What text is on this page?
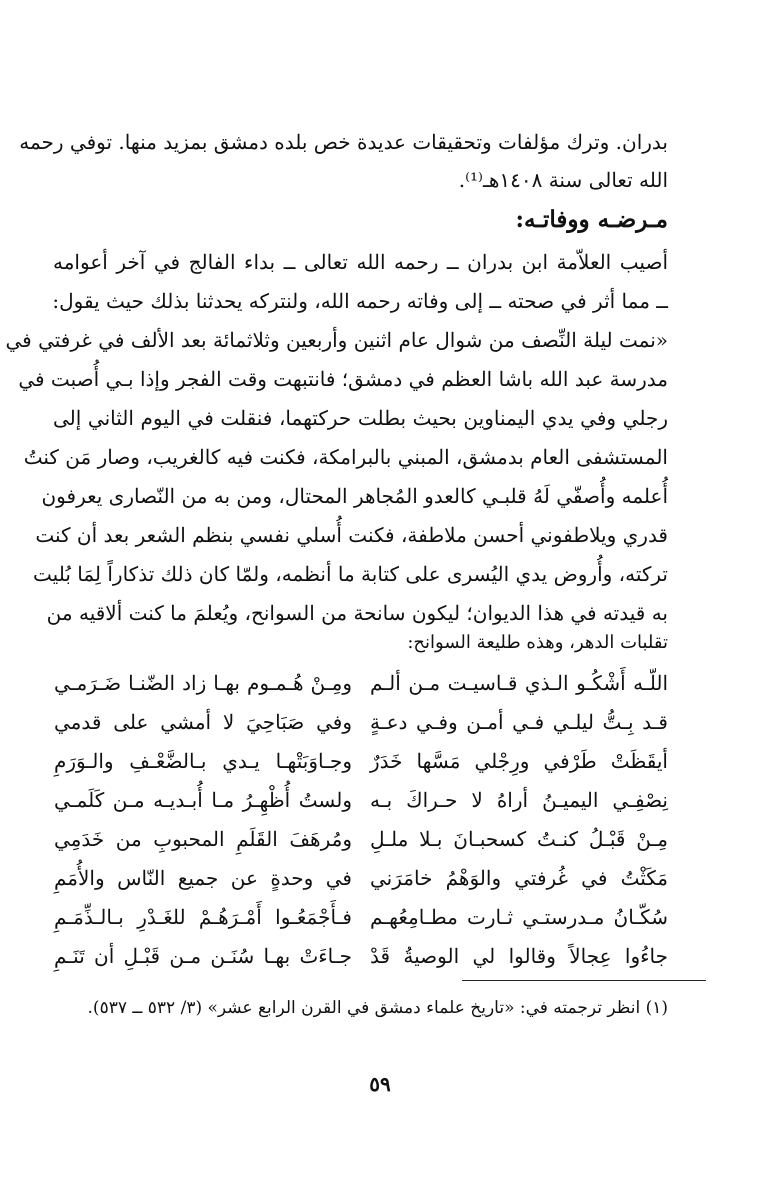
بدران. وترك مؤلفات وتحقيقات عديدة خص بلده دمشق بمزيد منها. توفي رحمه
الله تعالى سنة ١٤٠٨هـ⁽¹⁾.
مـرضـه ووفاتـه:
أصيب العلاّمة ابن بدران ــ رحمه الله تعالى ــ بداء الفالج في آخر أعوامه
ــ مما أثر في صحته ــ إلى وفاته رحمه الله، ولنتركه يحدثنا بذلك حيث يقول:
«نمت ليلة النِّصف من شوال عام اثنين وأربعين وثلاثمائة بعد الألف في غرفتي في
مدرسة عبد الله باشا العظم في دمشق؛ فانتبهت وقت الفجر وإذا بـي أُصبت في
رجلي وفي يدي اليمناوين بحيث بطلت حركتهما، فنقلت في اليوم الثاني إلى
المستشفى العام بدمشق، المبني بالبرامكة، فكنت فيه كالغريب، وصار مَن كنتُ
أُعلمه وأُصفّي لَهُ قلبـي كالعدو المُجاهر المحتال، ومن به من النّصارى يعرفون
قدري ويلاطفوني أحسن ملاطفة، فكنت أُسلي نفسي بنظم الشعر بعد أن كنت
تركته، وأُروض يدي اليُسرى على كتابة ما أنظمه، ولمّا كان ذلك تذكاراً لِمَا بُليت
به قيدته في هذا الديوان؛ ليكون سانحة من السوانح، ويُعلمَ ما كنت ألاقيه من
تقلبات الدهر، وهذه طليعة السوانح:
اللّـه أَشْكُـو الـذي قـاسيـت مـن ألـم
ومِـنْ هُـمـوم بهـا زاد الضّنـا ضَـرَمـي
قـد بِـتُّ ليلـي فـي أمـن وفـي دعـةٍ
وفي صَبَاحِيَ لا أمشي على قدمي
أيقَظَتْ طَرْفي ورِجْلي مَسَّها خَدَرٌ
وجـاوَبَتْهـا يـدي بـالضَّعْـفِ والـوَرَمِ
نِصْفِـي اليميـنُ أراهُ لا حـراكَ بـه
ولستُ أُظْهِـرُ مـا أُبـديـه مـن كَلَمـي
مِـنْ قَبْـلُ كنـتُ كسحبـانَ بـلا ملـلِ
ومُرهَفَ القَلَمِ المحبوبِ من خَدَمِي
مَكَثْتُ في غُرفتي والوَهْمُ خامَرَني
في وحدةٍ عن جميع النّاس والأُمَمِ
سُكّـانُ مـدرستـي ثـارت مطـامِعُهـم
فـأَجْمَعُـوا أَمْـرَهُـمْ للغَـدْرِ بـالـذِّمَـمِ
جاءُوا عِجالاً وقالوا لي الوصيةُ قَدْ
جـاءَتْ بهـا سُنَـن مـن قَبْـلِ أن تَنَـمِ
(١) انظر ترجمته في: «تاريخ علماء دمشق في القرن الرابع عشر» (٣/ ٥٣٢ ــ ٥٣٧).
٥٩
